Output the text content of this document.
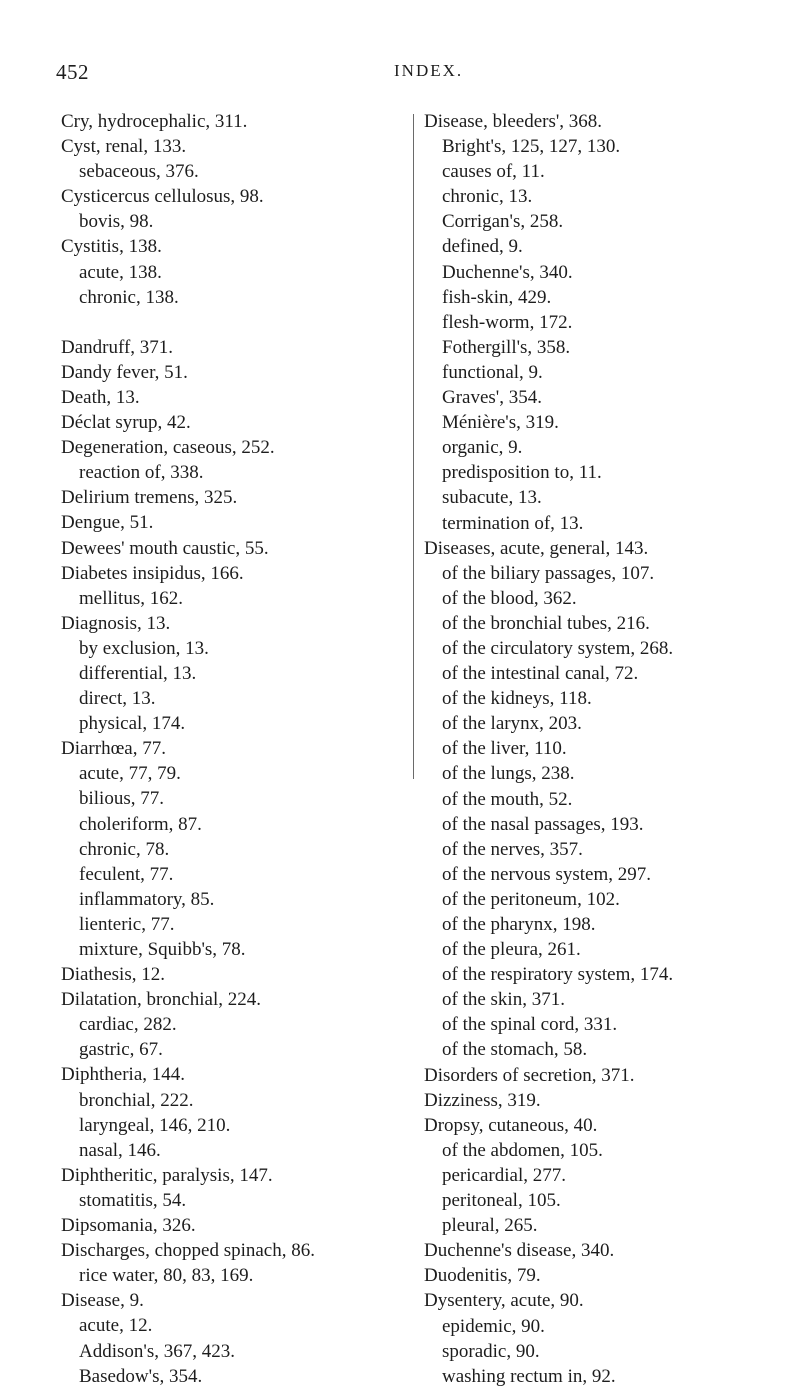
452	INDEX.
Cry, hydrocephalic, 311.
Cyst, renal, 133.
sebaceous, 376.
Cysticercus cellulosus, 98.
bovis, 98.
Cystitis, 138.
acute, 138.
chronic, 138.
Dandruff, 371.
Dandy fever, 51.
Death, 13.
Déclat syrup, 42.
Degeneration, caseous, 252.
reaction of, 338.
Delirium tremens, 325.
Dengue, 51.
Dewees' mouth caustic, 55.
Diabetes insipidus, 166.
mellitus, 162.
Diagnosis, 13.
by exclusion, 13.
differential, 13.
direct, 13.
physical, 174.
Diarrhœa, 77.
acute, 77, 79.
bilious, 77.
choleriform, 87.
chronic, 78.
feculent, 77.
inflammatory, 85.
lienteric, 77.
mixture, Squibb's, 78.
Diathesis, 12.
Dilatation, bronchial, 224.
cardiac, 282.
gastric, 67.
Diphtheria, 144.
bronchial, 222.
laryngeal, 146, 210.
nasal, 146.
Diphtheritic, paralysis, 147.
stomatitis, 54.
Dipsomania, 326.
Discharges, chopped spinach, 86.
rice water, 80, 83, 169.
Disease, 9.
acute, 12.
Addison's, 367, 423.
Basedow's, 354.
Disease, bleeders', 368.
Bright's, 125, 127, 130.
causes of, 11.
chronic, 13.
Corrigan's, 258.
defined, 9.
Duchenne's, 340.
fish-skin, 429.
flesh-worm, 172.
Fothergill's, 358.
functional, 9.
Graves', 354.
Ménière's, 319.
organic, 9.
predisposition to, 11.
subacute, 13.
termination of, 13.
Diseases, acute, general, 143.
of the biliary passages, 107.
of the blood, 362.
of the bronchial tubes, 216.
of the circulatory system, 268.
of the intestinal canal, 72.
of the kidneys, 118.
of the larynx, 203.
of the liver, 110.
of the lungs, 238.
of the mouth, 52.
of the nasal passages, 193.
of the nerves, 357.
of the nervous system, 297.
of the peritoneum, 102.
of the pharynx, 198.
of the pleura, 261.
of the respiratory system, 174.
of the skin, 371.
of the spinal cord, 331.
of the stomach, 58.
Disorders of secretion, 371.
Dizziness, 319.
Dropsy, cutaneous, 40.
of the abdomen, 105.
pericardial, 277.
peritoneal, 105.
pleural, 265.
Duchenne's disease, 340.
Duodenitis, 79.
Dysentery, acute, 90.
epidemic, 90.
sporadic, 90.
washing rectum in, 92.
